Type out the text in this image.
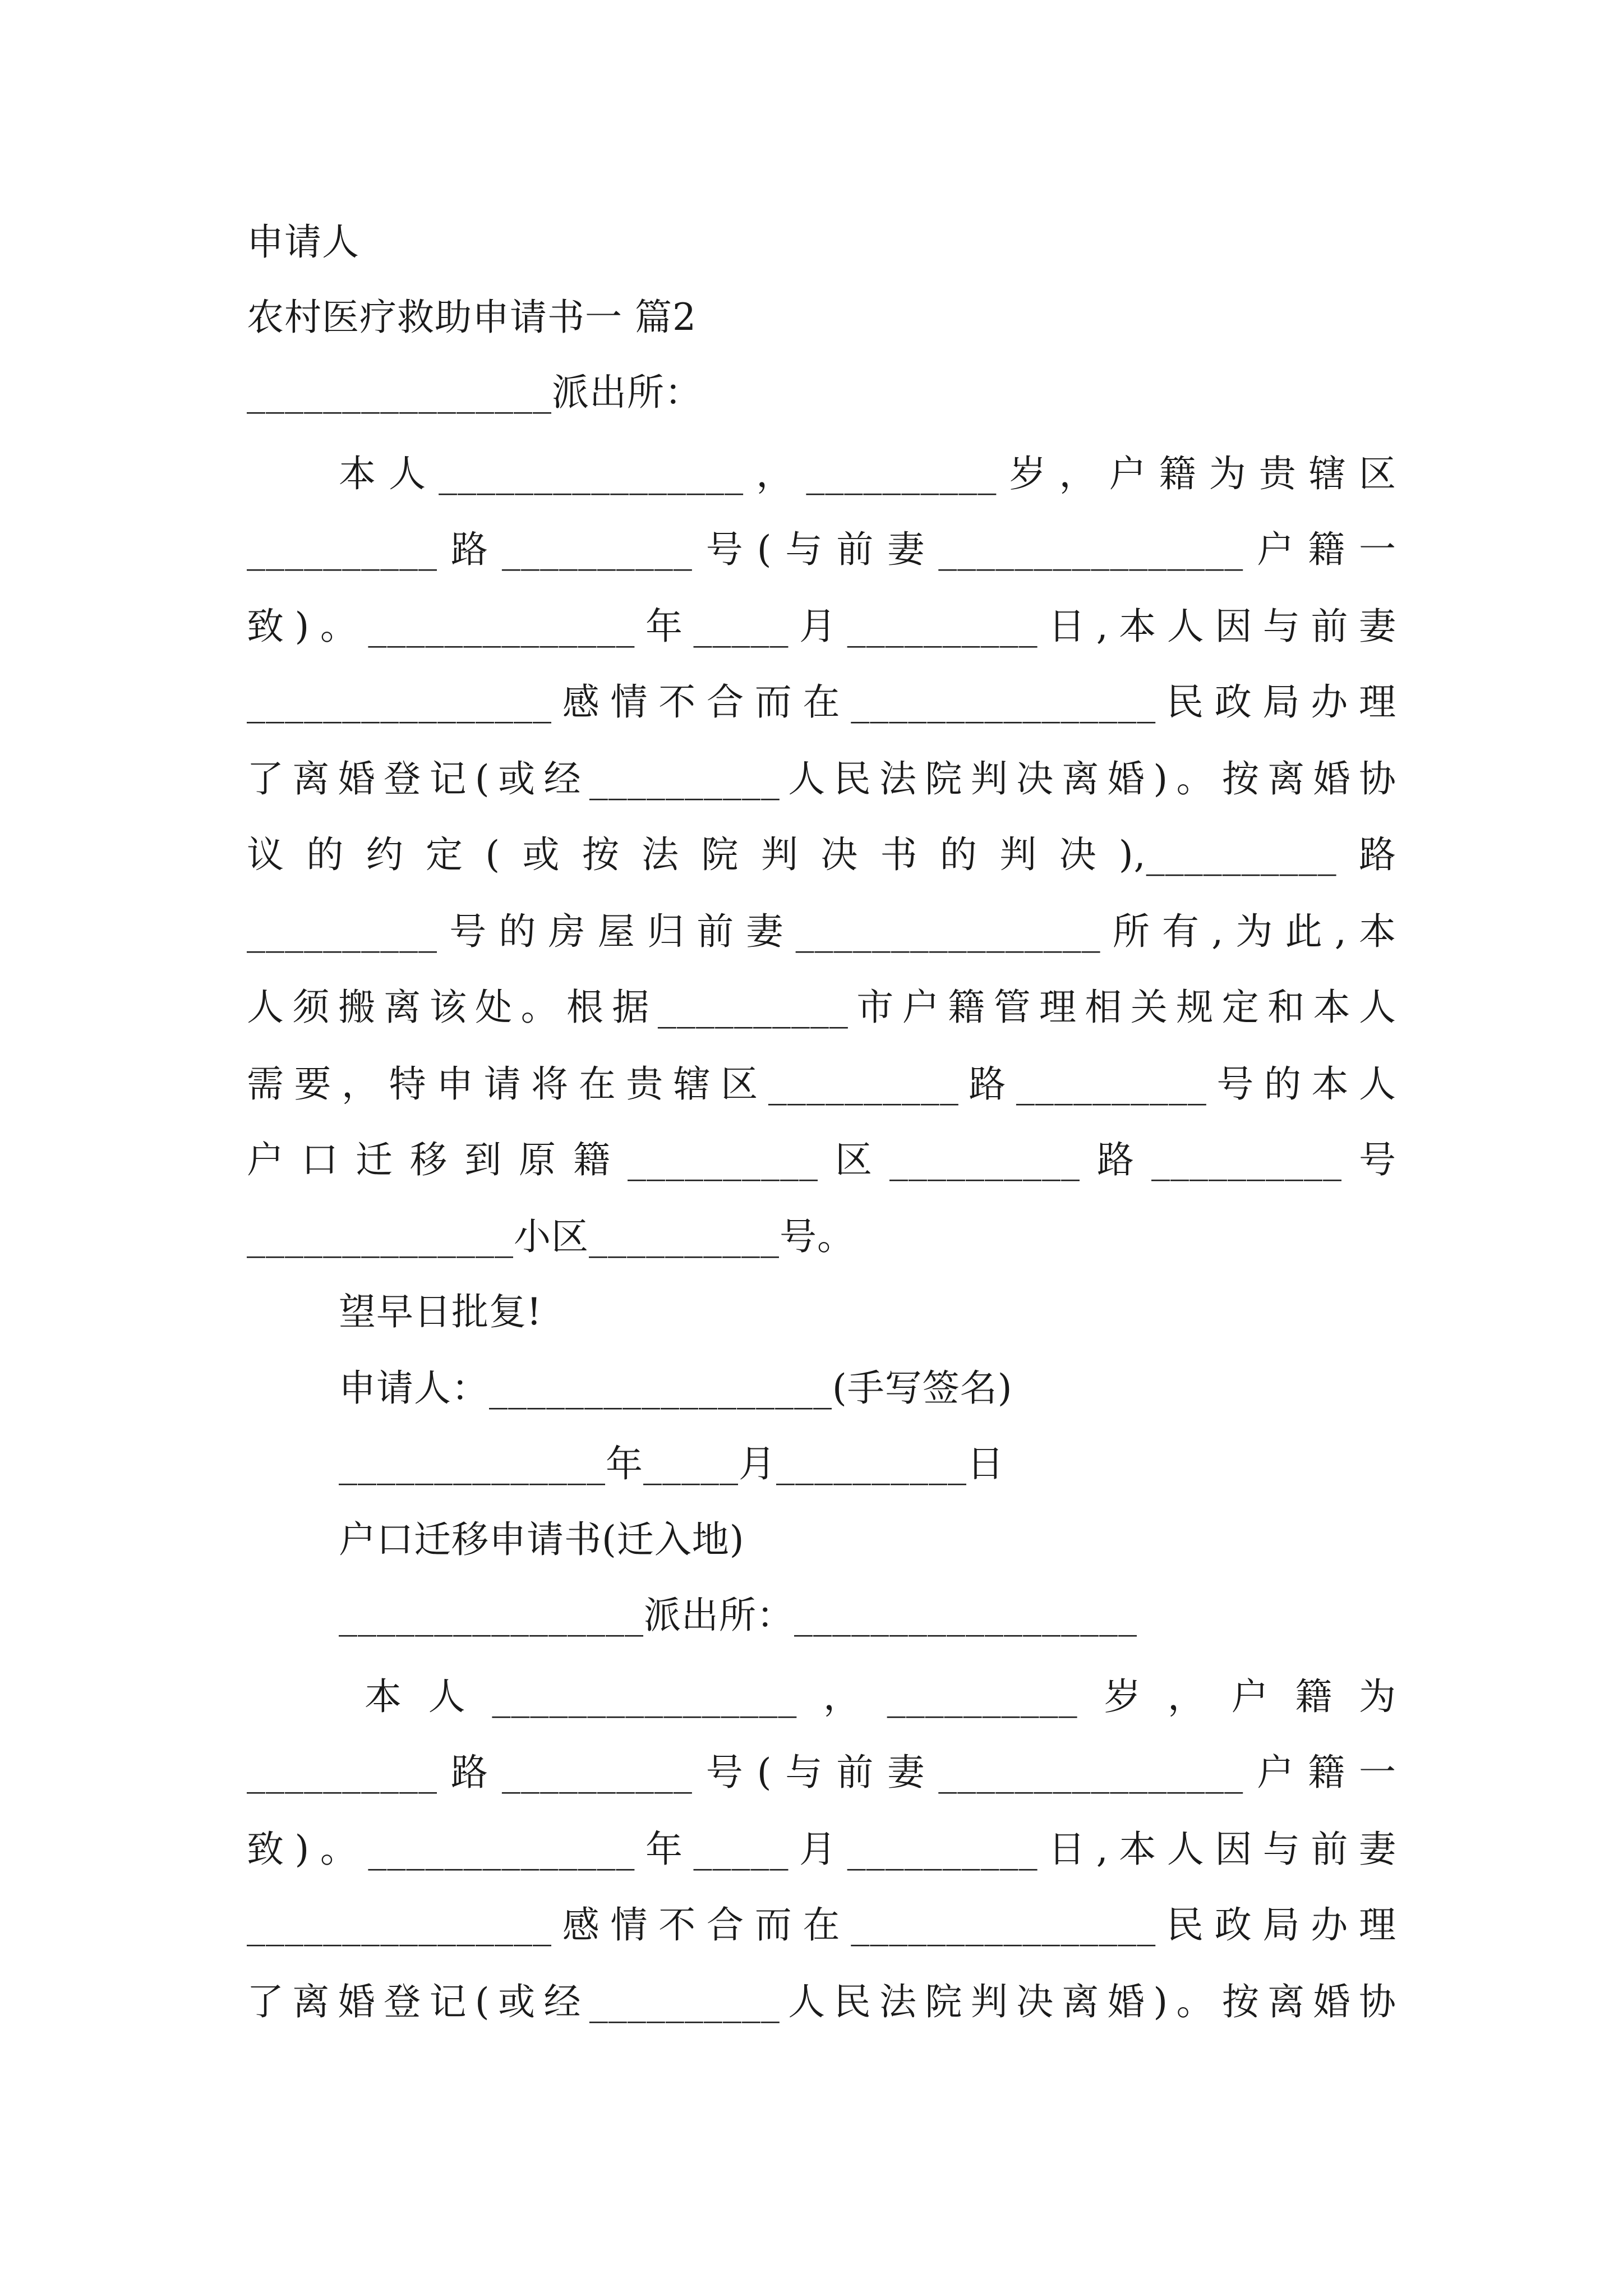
申请人
农村医疗救助申请书一 篇2
________________派出所：
本人________________，__________岁，户籍为贵辖区
__________路__________号(与前妻________________户籍一
致)。______________年_____月__________日,本人因与前妻
________________感情不合而在________________民政局办理
了离婚登记(或经__________人民法院判决离婚)。按离婚协
议的约定(或按法院判决书的判决),__________路
__________号的房屋归前妻________________所有,为此,本
人须搬离该处。根据__________市户籍管理相关规定和本人
需要，特申请将在贵辖区__________路__________号的本人
户口迁移到原籍__________区__________路__________号
______________小区__________号。
望早日批复!
申请人：__________________(手写签名)
______________年_____月__________日
户口迁移申请书(迁入地)
________________派出所：__________________
本人________________，__________岁，户籍为
__________路__________号(与前妻________________户籍一
致)。______________年_____月__________日,本人因与前妻
________________感情不合而在________________民政局办理
了离婚登记(或经__________人民法院判决离婚)。按离婚协
